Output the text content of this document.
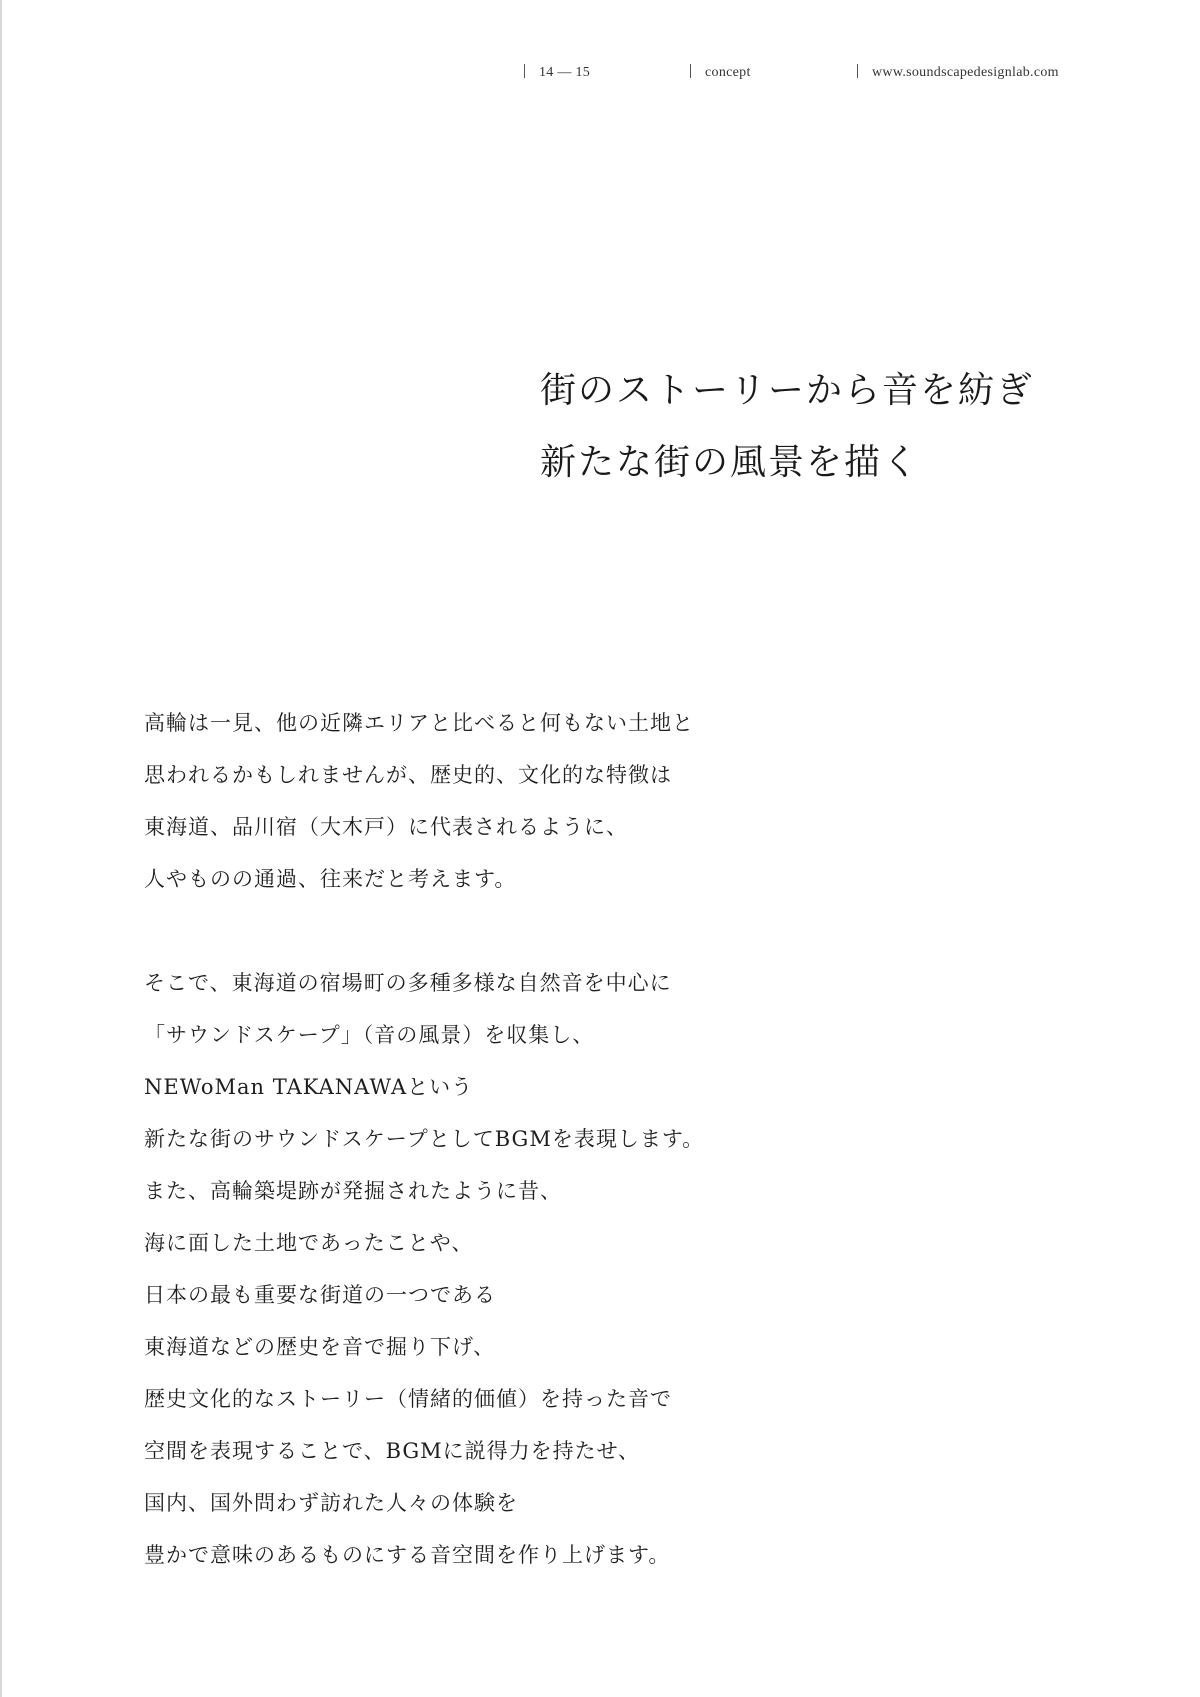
14 — 15	concept	www.soundscapedesignlab.com
街のストーリーから音を紡ぎ
新たな街の風景を描く
高輪は一見、他の近隣エリアと比べると何もない土地と
思われるかもしれませんが、歴史的、文化的な特徴は
東海道、品川宿（大木戸）に代表されるように、
人やものの通過、往来だと考えます。
そこで、東海道の宿場町の多種多様な自然音を中心に
「サウンドスケープ」（音の風景）を収集し、
NEWoMan TAKANAWAという
新たな街のサウンドスケープとしてBGMを表現します。
また、高輪築堤跡が発掘されたように昔、
海に面した土地であったことや、
日本の最も重要な街道の一つである
東海道などの歴史を音で掘り下げ、
歴史文化的なストーリー（情緒的価値）を持った音で
空間を表現することで、BGMに説得力を持たせ、
国内、国外問わず訪れた人々の体験を
豊かで意味のあるものにする音空間を作り上げます。
